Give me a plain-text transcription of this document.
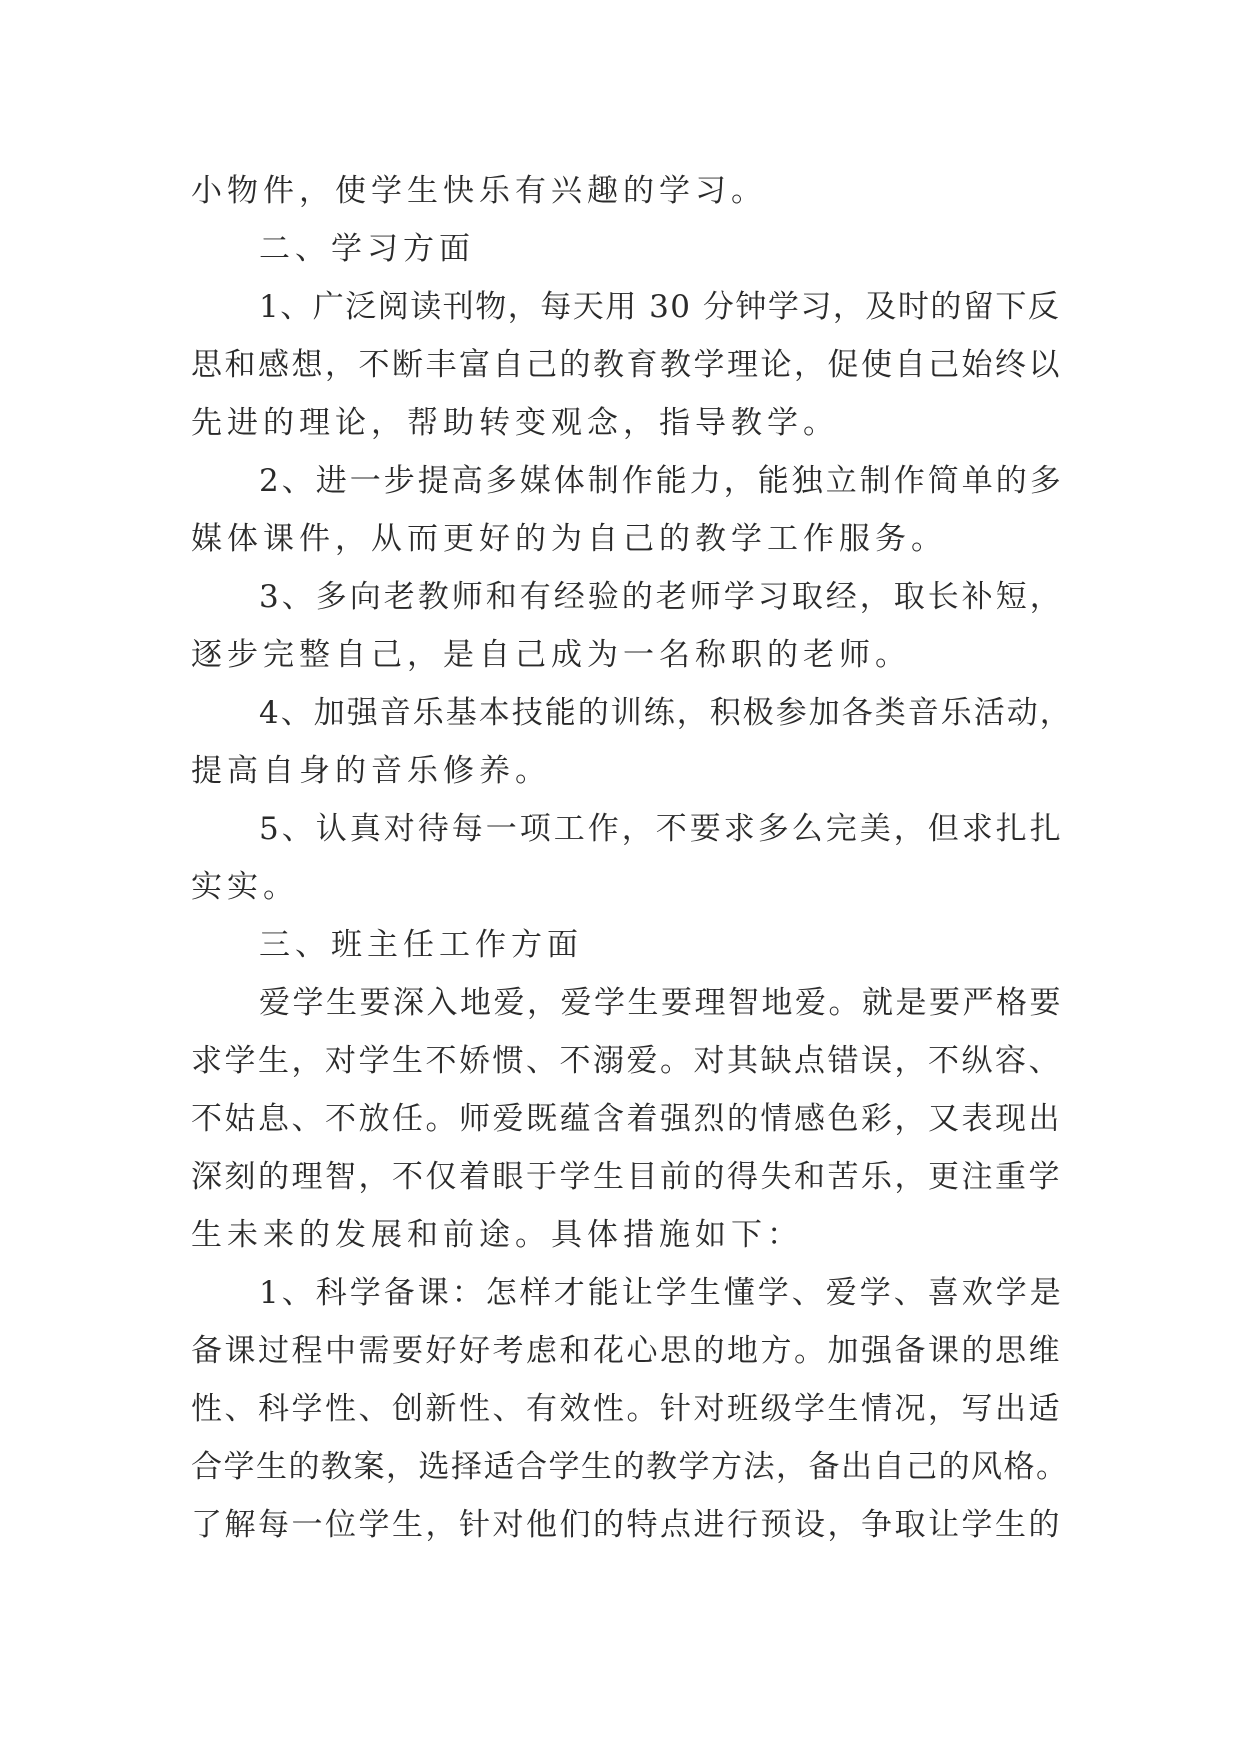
小物件，使学生快乐有兴趣的学习。

二、学习方面

1、广泛阅读刊物，每天用 30 分钟学习，及时的留下反

思和感想，不断丰富自己的教育教学理论，促使自己始终以

先进的理论，帮助转变观念，指导教学。

2、进一步提高多媒体制作能力，能独立制作简单的多

媒体课件，从而更好的为自己的教学工作服务。

3、多向老教师和有经验的老师学习取经，取长补短，

逐步完整自己，是自己成为一名称职的老师。

4、加强音乐基本技能的训练，积极参加各类音乐活动，

提高自身的音乐修养。

5、认真对待每一项工作，不要求多么完美，但求扎扎

实实。

三、班主任工作方面

爱学生要深入地爱，爱学生要理智地爱。就是要严格要

求学生，对学生不娇惯、不溺爱。对其缺点错误，不纵容、

不姑息、不放任。师爱既蕴含着强烈的情感色彩，又表现出

深刻的理智，不仅着眼于学生目前的得失和苦乐，更注重学

生未来的发展和前途。具体措施如下：

1、科学备课：怎样才能让学生懂学、爱学、喜欢学是

备课过程中需要好好考虑和花心思的地方。加强备课的思维

性、科学性、创新性、有效性。针对班级学生情况，写出适

合学生的教案，选择适合学生的教学方法，备出自己的风格。

了解每一位学生，针对他们的特点进行预设，争取让学生的
